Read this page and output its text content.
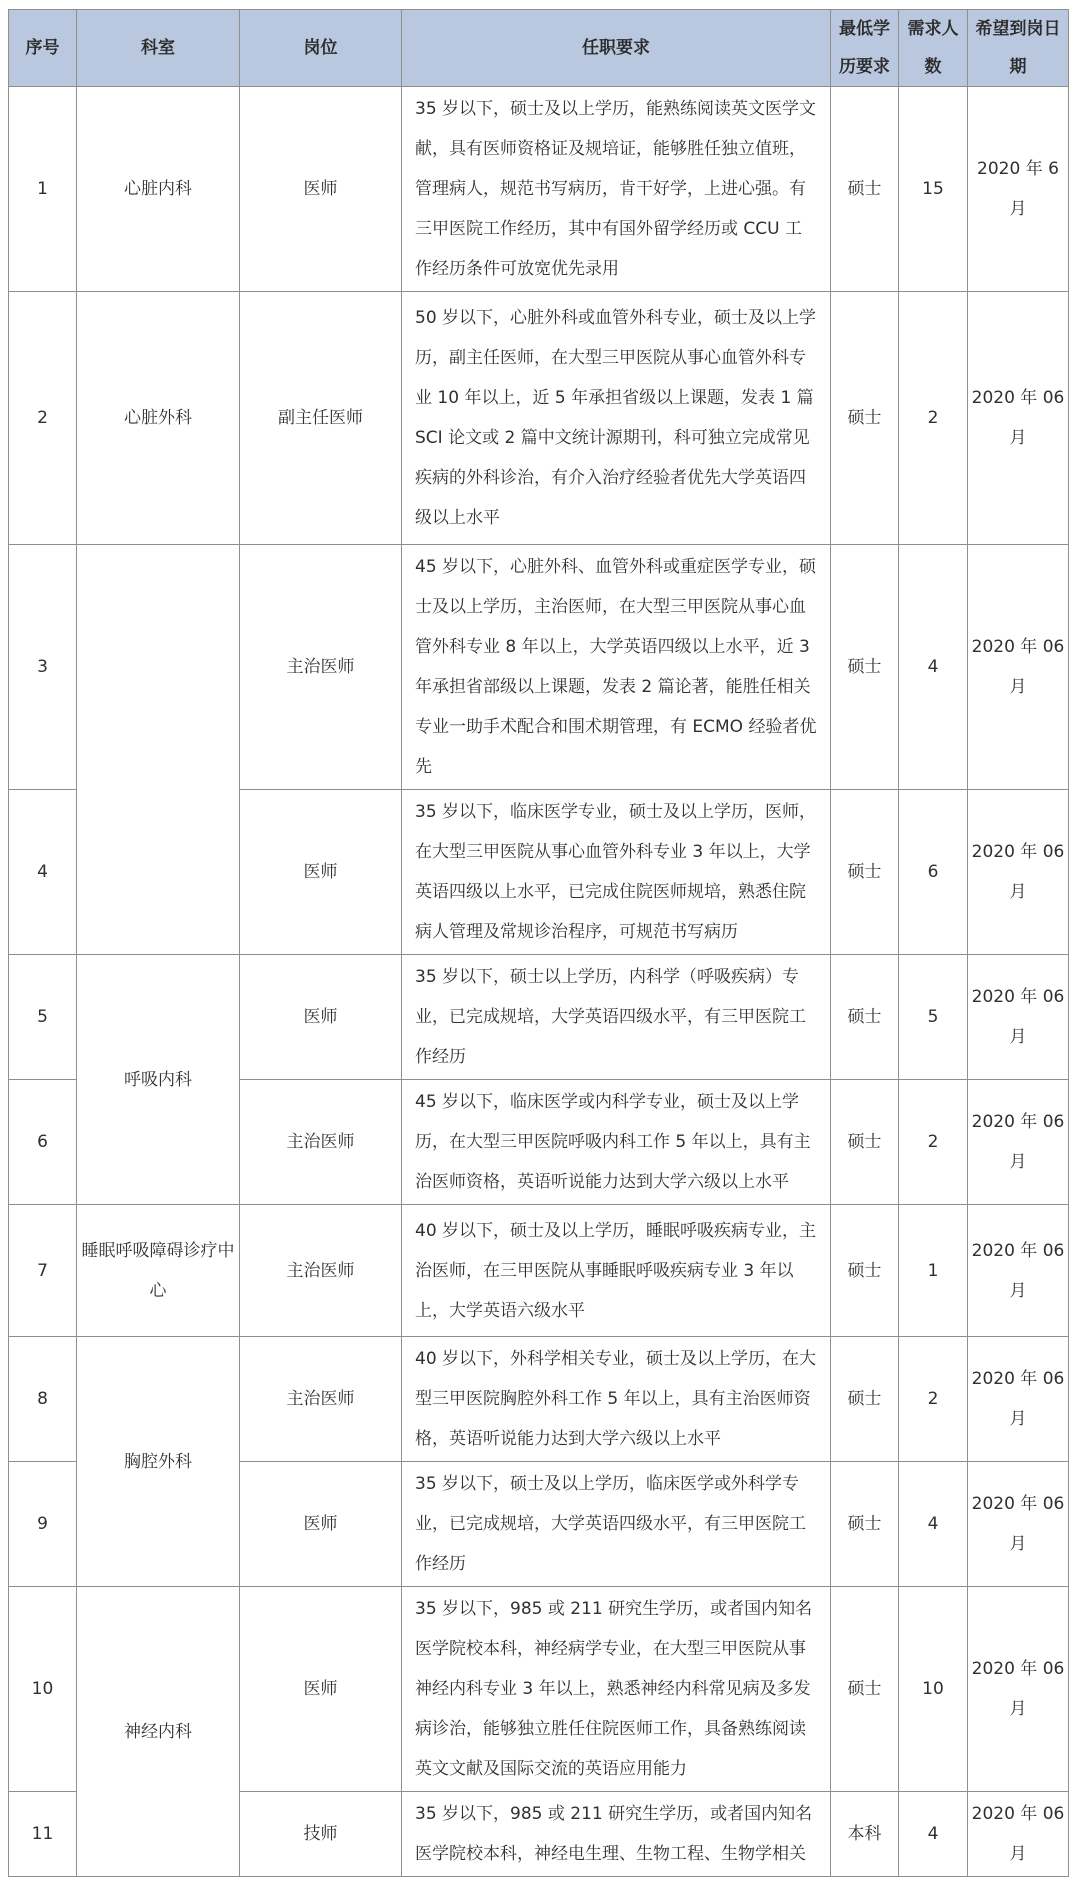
序号	科室	岗位	任职要求	最低学历要求	需求人数	希望到岗日期
1	心脏内科	医师	35 岁以下，硕士及以上学历，能熟练阅读英文医学文献，具有医师资格证及规培证，能够胜任独立值班，管理病人，规范书写病历，肯干好学，上进心强。有三甲医院工作经历，其中有国外留学经历或 CCU 工作经历条件可放宽优先录用	硕士	15	2020 年 6 月
2	心脏外科	副主任医师	50 岁以下，心脏外科或血管外科专业，硕士及以上学历，副主任医师，在大型三甲医院从事心血管外科专业 10 年以上，近 5 年承担省级以上课题，发表 1 篇 SCI 论文或 2 篇中文统计源期刊，科可独立完成常见疾病的外科诊治，有介入治疗经验者优先大学英语四级以上水平	硕士	2	2020 年 06 月
3		主治医师	45 岁以下，心脏外科、血管外科或重症医学专业，硕士及以上学历，主治医师，在大型三甲医院从事心血管外科专业 8 年以上，大学英语四级以上水平，近 3 年承担省部级以上课题，发表 2 篇论著，能胜任相关专业一助手术配合和围术期管理，有 ECMO 经验者优先	硕士	4	2020 年 06 月
4		医师	35 岁以下，临床医学专业，硕士及以上学历，医师，在大型三甲医院从事心血管外科专业 3 年以上，大学英语四级以上水平，已完成住院医师规培，熟悉住院病人管理及常规诊治程序，可规范书写病历	硕士	6	2020 年 06 月
5	呼吸内科	医师	35 岁以下，硕士以上学历，内科学（呼吸疾病）专业，已完成规培，大学英语四级水平，有三甲医院工作经历	硕士	5	2020 年 06 月
6		主治医师	45 岁以下，临床医学或内科学专业，硕士及以上学历，在大型三甲医院呼吸内科工作 5 年以上，具有主治医师资格，英语听说能力达到大学六级以上水平	硕士	2	2020 年 06 月
7	睡眠呼吸障碍诊疗中心	主治医师	40 岁以下，硕士及以上学历，睡眠呼吸疾病专业，主治医师，在三甲医院从事睡眠呼吸疾病专业 3 年以上，大学英语六级水平	硕士	1	2020 年 06 月
8	胸腔外科	主治医师	40 岁以下，外科学相关专业，硕士及以上学历，在大型三甲医院胸腔外科工作 5 年以上，具有主治医师资格，英语听说能力达到大学六级以上水平	硕士	2	2020 年 06 月
9		医师	35 岁以下，硕士及以上学历，临床医学或外科学专业，已完成规培，大学英语四级水平，有三甲医院工作经历	硕士	4	2020 年 06 月
10	神经内科	医师	35 岁以下，985 或 211 研究生学历，或者国内知名医学院校本科，神经病学专业，在大型三甲医院从事神经内科专业 3 年以上，熟悉神经内科常见病及多发病诊治，能够独立胜任住院医师工作，具备熟练阅读英文文献及国际交流的英语应用能力	硕士	10	2020 年 06 月
11		技师	35 岁以下，985 或 211 研究生学历，或者国内知名医学院校本科，神经电生理、生物工程、生物学相关	本科	4	2020 年 06 月
